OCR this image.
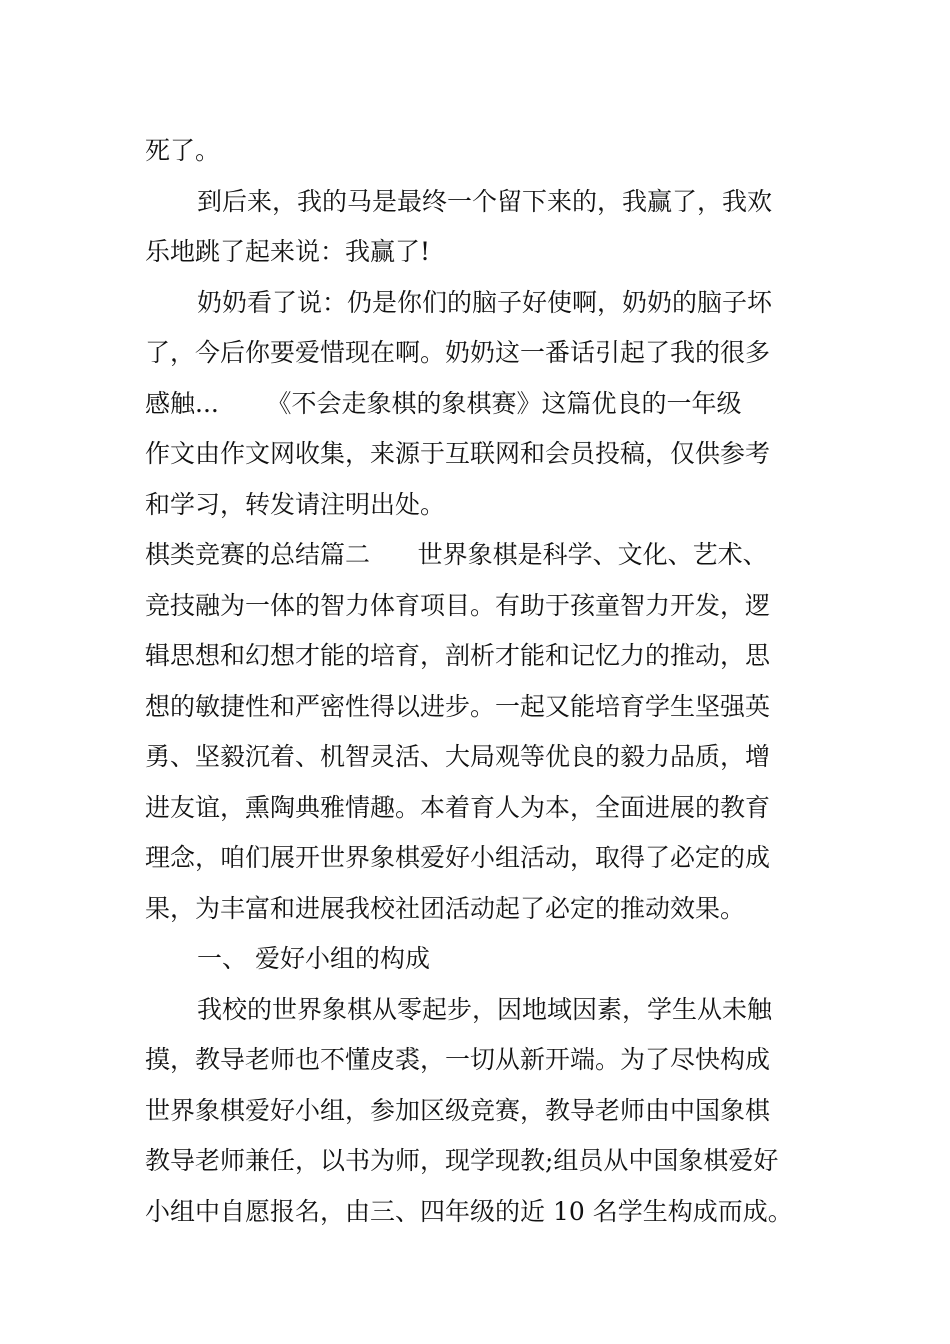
死了。
到后来，我的马是最终一个留下来的，我赢了，我欢
乐地跳了起来说：我赢了!
奶奶看了说：仍是你们的脑子好使啊，奶奶的脑子坏
了，今后你要爱惜现在啊。奶奶这一番话引起了我的很多
感触...      《不会走象棋的象棋赛》这篇优良的一年级
作文由作文网收集，来源于互联网和会员投稿，仅供参考
和学习，转发请注明出处。
棋类竞赛的总结篇二      世界象棋是科学、文化、艺术、
竞技融为一体的智力体育项目。有助于孩童智力开发，逻
辑思想和幻想才能的培育，剖析才能和记忆力的推动，思
想的敏捷性和严密性得以进步。一起又能培育学生坚强英
勇、坚毅沉着、机智灵活、大局观等优良的毅力品质，增
进友谊，熏陶典雅情趣。本着育人为本，全面进展的教育
理念，咱们展开世界象棋爱好小组活动，取得了必定的成
果，为丰富和进展我校社团活动起了必定的推动效果。
一、 爱好小组的构成
我校的世界象棋从零起步，因地域因素，学生从未触
摸，教导老师也不懂皮裘，一切从新开端。为了尽快构成
世界象棋爱好小组，参加区级竞赛，教导老师由中国象棋
教导老师兼任，以书为师，现学现教;组员从中国象棋爱好
小组中自愿报名，由三、四年级的近 10 名学生构成而成。
